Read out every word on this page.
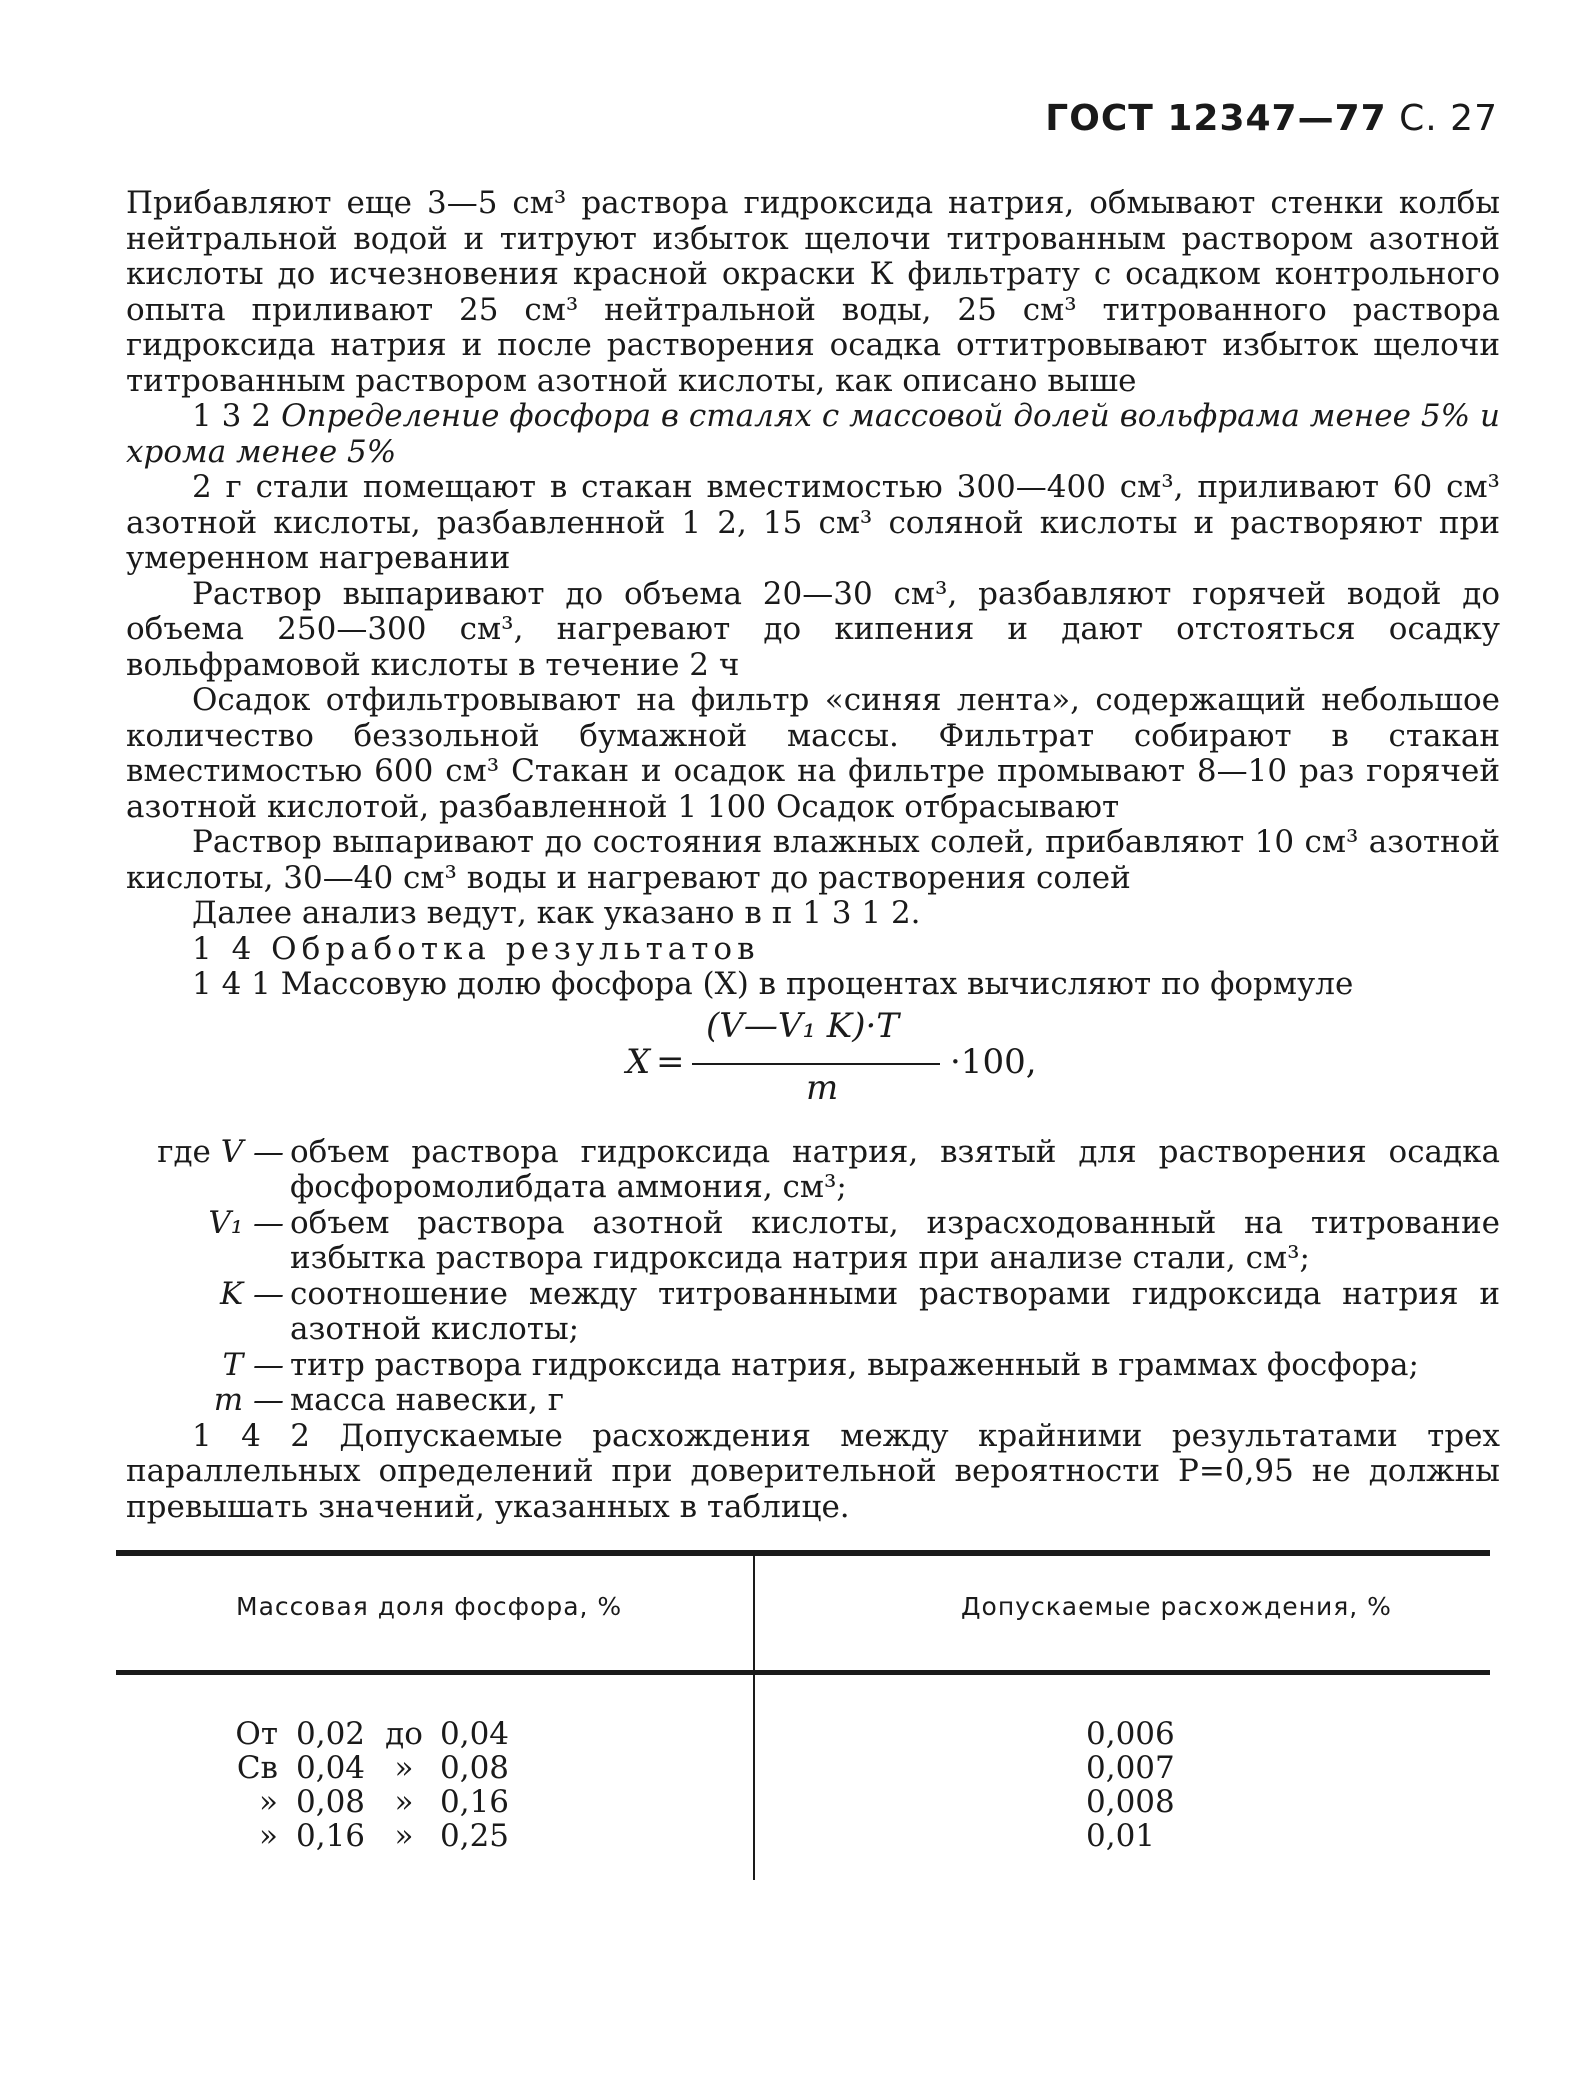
ГОСТ 12347—77 С. 27

Прибавляют еще 3—5 см³ раствора гидроксида натрия, обмывают стенки колбы нейтральной водой и титруют избыток щелочи титрованным раствором азотной кислоты до исчезновения красной окраски К фильтрату с осадком контрольного опыта приливают 25 см³ нейтральной воды, 25 см³ титрованного раствора гидроксида натрия и после растворения осадка оттитровывают избыток щелочи титрованным раствором азотной кислоты, как описано выше

1 3 2 Определение фосфора в сталях с массовой долей вольфрама менее 5% и хрома менее 5%

2 г стали помещают в стакан вместимостью 300—400 см³, приливают 60 см³ азотной кислоты, разбавленной 1 2, 15 см³ соляной кислоты и растворяют при умеренном нагревании

Раствор выпаривают до объема 20—30 см³, разбавляют горячей водой до объема 250—300 см³, нагревают до кипения и дают отстояться осадку вольфрамовой кислоты в течение 2 ч

Осадок отфильтровывают на фильтр «синяя лента», содержащий небольшое количество беззольной бумажной массы. Фильтрат собирают в стакан вместимостью 600 см³ Стакан и осадок на фильтре промывают 8—10 раз горячей азотной кислотой, разбавленной 1 100 Осадок отбрасывают

Раствор выпаривают до состояния влажных солей, прибавляют 10 см³ азотной кислоты, 30—40 см³ воды и нагревают до растворения солей

Далее анализ ведут, как указано в п 1 3 1 2.

1 4 Обработка результатов

1 4 1 Массовую долю фосфора (X) в процентах вычисляют по формуле

X =
(V—V₁ K)·T
m
·100,
где V — объем раствора гидроксида натрия, взятый для растворения осадка фосфоромолибдата аммония, см³;
V₁ — объем раствора азотной кислоты, израсходованный на титрование избытка раствора гидроксида натрия при анализе стали, см³;
K — соотношение между титрованными растворами гидроксида натрия и азотной кислоты;
T — титр раствора гидроксида натрия, выраженный в граммах фосфора;
m — масса навески, г

1 4 2 Допускаемые расхождения между крайними результатами трех параллельных определений при доверительной вероятности P=0,95 не должны превышать значений, указанных в таблице.

Массовая доля фосфора, %	Допускаемые расхождения, %
От 0,02 до 0,04	0,006
Св 0,04 » 0,08	0,007
» 0,08 » 0,16	0,008
» 0,16 » 0,25	0,01
